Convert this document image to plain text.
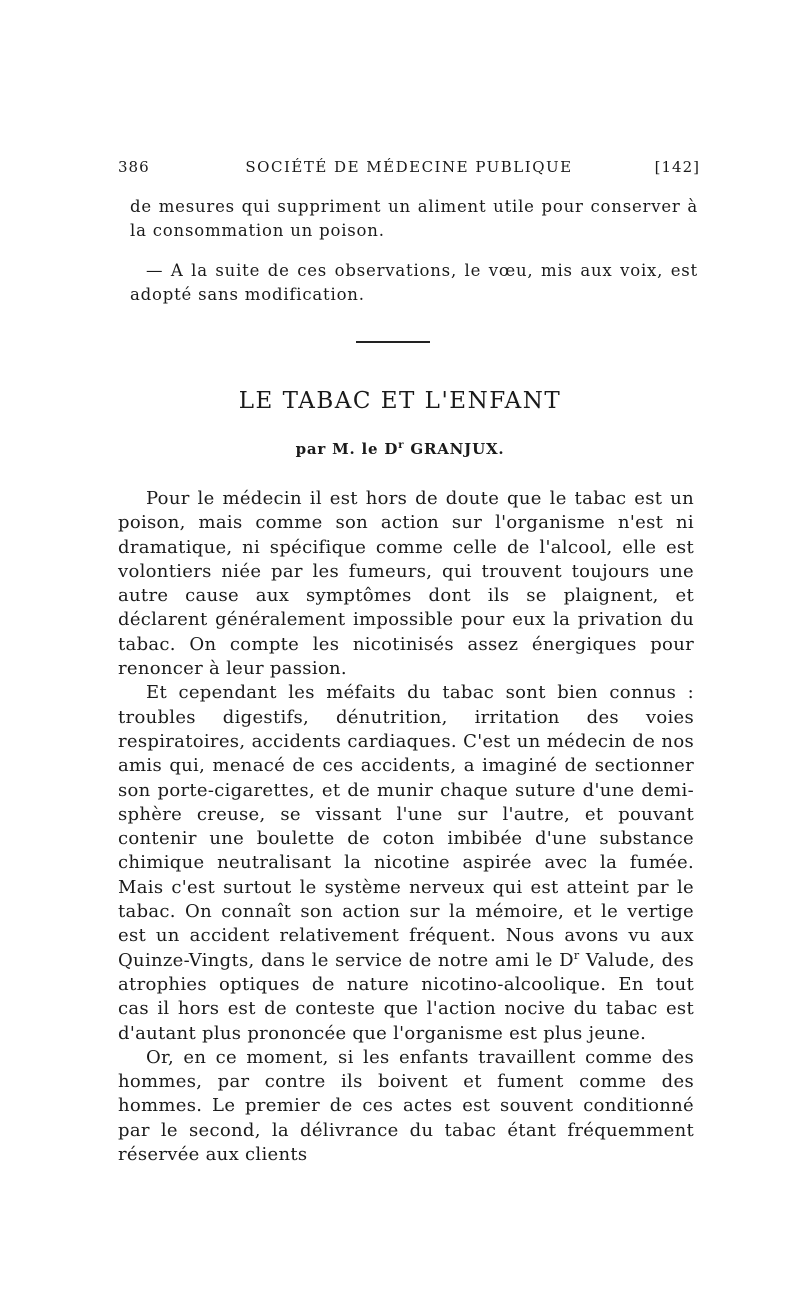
386	SOCIÉTÉ DE MÉDECINE PUBLIQUE	[142]

de mesures qui suppriment un aliment utile pour conserver à la consommation un poison.

— A la suite de ces observations, le vœu, mis aux voix, est adopté sans modification.

LE TABAC ET L'ENFANT
par M. le $D^r$ GRANJUX.

Pour le médecin il est hors de doute que le tabac est un poison, mais comme son action sur l'organisme n'est ni dramatique, ni spécifique comme celle de l'alcool, elle est volontiers niée par les fumeurs, qui trouvent toujours une autre cause aux symptômes dont ils se plaignent, et déclarent généralement impossible pour eux la privation du tabac. On compte les nicotinisés assez énergiques pour renoncer à leur passion.

Et cependant les méfaits du tabac sont bien connus : troubles digestifs, dénutrition, irritation des voies respiratoires, accidents cardiaques. C'est un médecin de nos amis qui, menacé de ces accidents, a imaginé de sectionner son porte-cigarettes, et de munir chaque suture d'une demi-sphère creuse, se vissant l'une sur l'autre, et pouvant contenir une boulette de coton imbibée d'une substance chimique neutralisant la nicotine aspirée avec la fumée. Mais c'est surtout le système nerveux qui est atteint par le tabac. On connaît son action sur la mémoire, et le vertige est un accident relativement fréquent. Nous avons vu aux Quinze-Vingts, dans le service de notre ami le $D^r$ Valude, des atrophies optiques de nature nicotino-alcoolique. En tout cas il hors est de conteste que l'action nocive du tabac est d'autant plus prononcée que l'organisme est plus jeune.

Or, en ce moment, si les enfants travaillent comme des hommes, par contre ils boivent et fument comme des hommes. Le premier de ces actes est souvent conditionné par le second, la délivrance du tabac étant fréquemment réservée aux clients
